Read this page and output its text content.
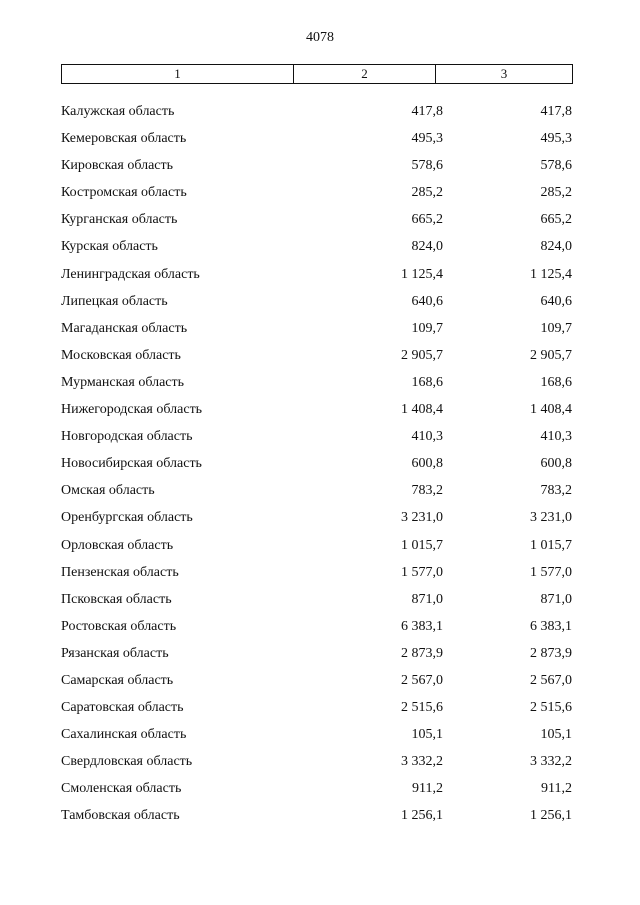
4078
1	2	3
Калужская область	417,8	417,8
Кемеровская область	495,3	495,3
Кировская область	578,6	578,6
Костромская область	285,2	285,2
Курганская область	665,2	665,2
Курская область	824,0	824,0
Ленинградская область	1 125,4	1 125,4
Липецкая область	640,6	640,6
Магаданская область	109,7	109,7
Московская область	2 905,7	2 905,7
Мурманская область	168,6	168,6
Нижегородская область	1 408,4	1 408,4
Новгородская область	410,3	410,3
Новосибирская область	600,8	600,8
Омская область	783,2	783,2
Оренбургская область	3 231,0	3 231,0
Орловская область	1 015,7	1 015,7
Пензенская область	1 577,0	1 577,0
Псковская область	871,0	871,0
Ростовская область	6 383,1	6 383,1
Рязанская область	2 873,9	2 873,9
Самарская область	2 567,0	2 567,0
Саратовская область	2 515,6	2 515,6
Сахалинская область	105,1	105,1
Свердловская область	3 332,2	3 332,2
Смоленская область	911,2	911,2
Тамбовская область	1 256,1	1 256,1
